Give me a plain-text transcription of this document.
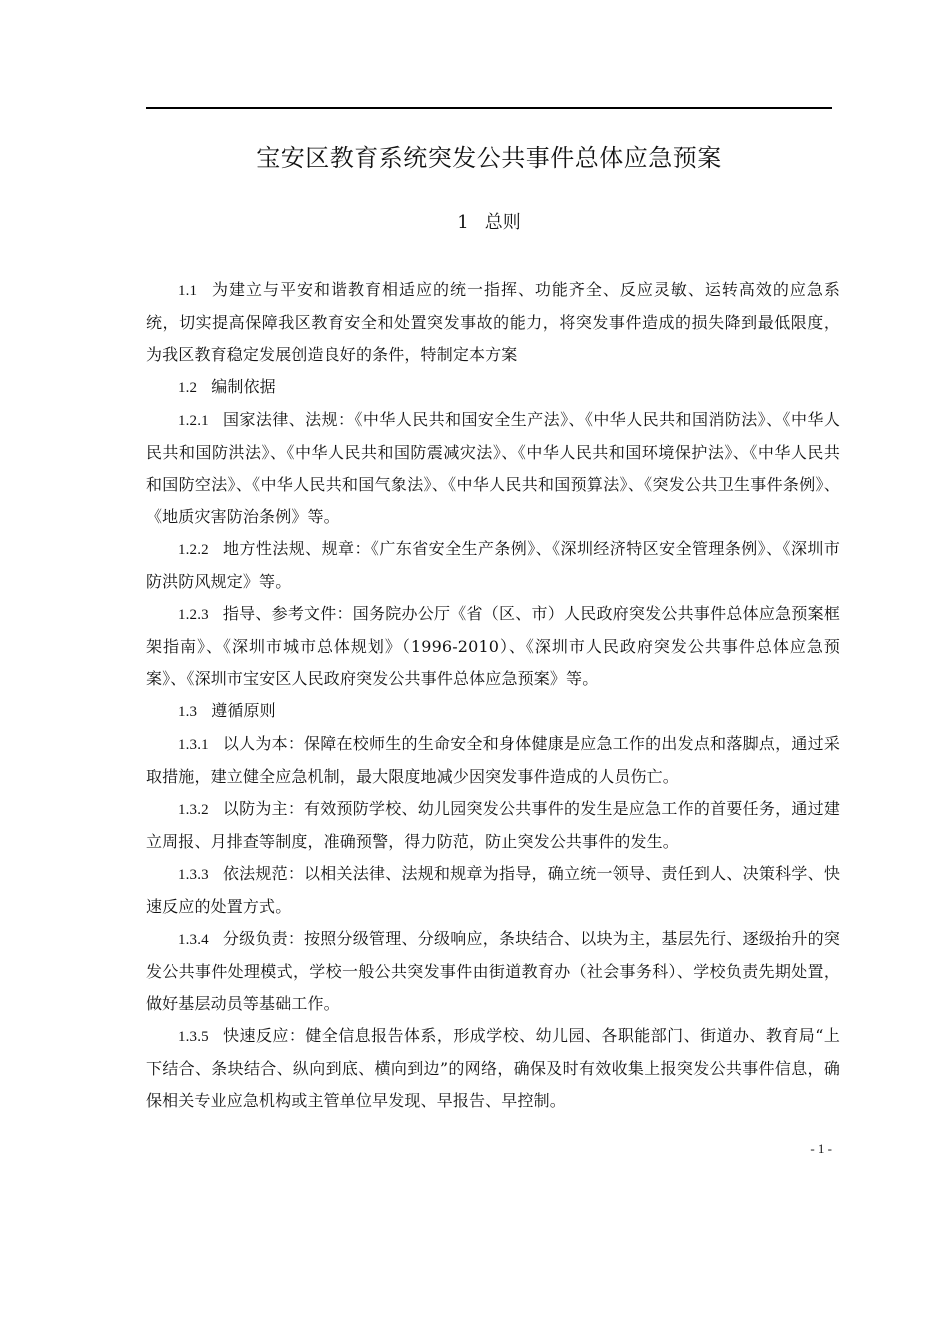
宝安区教育系统突发公共事件总体应急预案
1 总则

1.1 为建立与平安和谐教育相适应的统一指挥、功能齐全、反应灵敏、运转高效的应急系统，切实提高保障我区教育安全和处置突发事故的能力，将突发事件造成的损失降到最低限度，为我区教育稳定发展创造良好的条件，特制定本方案

1.2 编制依据

1.2.1 国家法律、法规：《中华人民共和国安全生产法》、《中华人民共和国消防法》、《中华人民共和国防洪法》、《中华人民共和国防震减灾法》、《中华人民共和国环境保护法》、《中华人民共和国防空法》、《中华人民共和国气象法》、《中华人民共和国预算法》、《突发公共卫生事件条例》、《地质灾害防治条例》等。

1.2.2 地方性法规、规章：《广东省安全生产条例》、《深圳经济特区安全管理条例》、《深圳市防洪防风规定》等。

1.2.3 指导、参考文件：国务院办公厅《省（区、市）人民政府突发公共事件总体应急预案框架指南》、《深圳市城市总体规划》（1996-2010）、《深圳市人民政府突发公共事件总体应急预案》、《深圳市宝安区人民政府突发公共事件总体应急预案》等。

1.3 遵循原则

1.3.1 以人为本：保障在校师生的生命安全和身体健康是应急工作的出发点和落脚点，通过采取措施，建立健全应急机制，最大限度地减少因突发事件造成的人员伤亡。

1.3.2 以防为主：有效预防学校、幼儿园突发公共事件的发生是应急工作的首要任务，通过建立周报、月排查等制度，准确预警，得力防范，防止突发公共事件的发生。

1.3.3 依法规范：以相关法律、法规和规章为指导，确立统一领导、责任到人、决策科学、快速反应的处置方式。

1.3.4 分级负责：按照分级管理、分级响应，条块结合、以块为主，基层先行、逐级抬升的突发公共事件处理模式，学校一般公共突发事件由街道教育办（社会事务科）、学校负责先期处置，做好基层动员等基础工作。

1.3.5 快速反应：健全信息报告体系，形成学校、幼儿园、各职能部门、街道办、教育局“上下结合、条块结合、纵向到底、横向到边”的网络，确保及时有效收集上报突发公共事件信息，确保相关专业应急机构或主管单位早发现、早报告、早控制。

- 1 -
